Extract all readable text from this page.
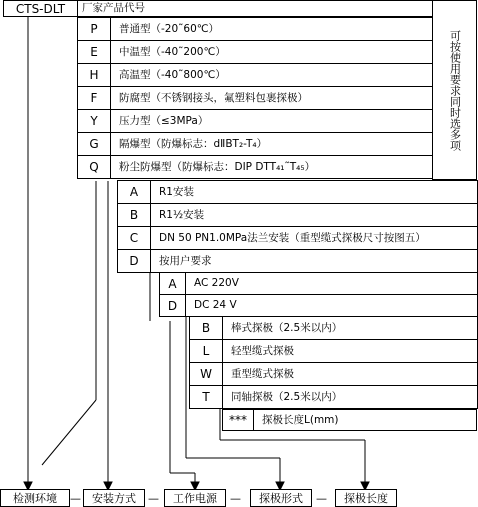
CTS-DLT	厂家产品代号
可按使用要求同时选多项
P	普通型（-20˜60℃）
E	中温型（-40˜200℃）
H	高温型（-40˜800℃）
F	防腐型（不锈钢接头，氟塑料包裹探极）
Y	压力型（≤3MPa）
G	隔爆型（防爆标志：dⅡBT₂-T₄）
Q	粉尘防爆型（防爆标志：DIP DTT₄₁˜T₄₅）
A	R1安装
B	R1½安装
C	DN 50 PN1.0MPa法兰安装（重型缆式探极尺寸按图五）
D	按用户要求
A	AC 220V
D	DC 24 V
B	棒式探极（2.5米以内）
L	轻型缆式探极
W	重型缆式探极
T	同轴探极（2.5米以内）
***	探极长度L(mm)
检测环境	—	安装方式	—	工作电源	—	探极形式	—	探极长度
